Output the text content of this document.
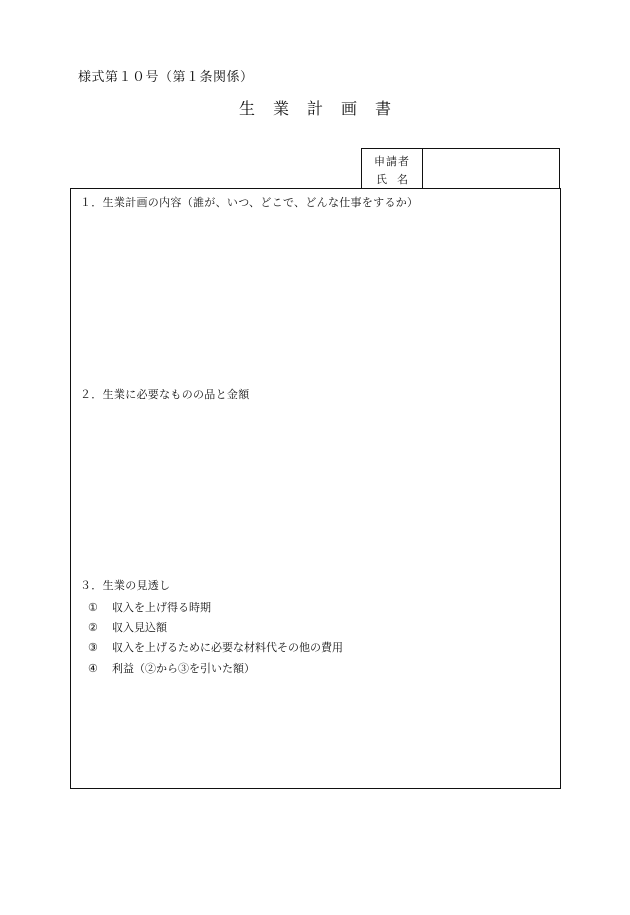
様式第１０号（第１条関係）
生業計画書
申請者
氏名
１．生業計画の内容（誰が、いつ、どこで、どんな仕事をするか）
２．生業に必要なものの品と金額
３．生業の見透し
① 収入を上げ得る時期
② 収入見込額
③ 収入を上げるために必要な材料代その他の費用
④ 利益（②から③を引いた額）
